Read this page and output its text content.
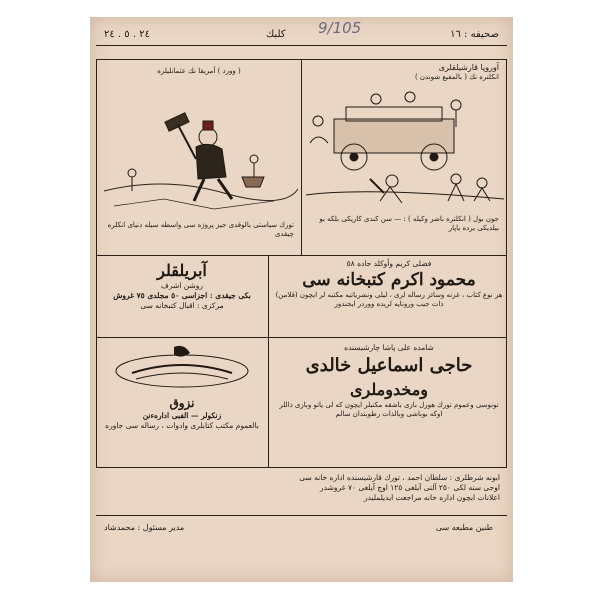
٢٤ . ٥ . ٢٤	كلبك	صحيفه : ١٦
9/105
آوروپا قارشيلقلرى
انكلتره نك ( بالمفيع شوندن )
( وورد ) آمريقا نك عثمانليلره
جون بول ( انكلتره ناشر وكيله ) : — سن كندى كاريکى بلکه بو بيلديکى يرده ياپار
تورك سياستى بالوقدى جيز پروژه سى واسطه سيله دنياى انكلره چيقدى
فضلى كريم وأوكلد جاده ٥٨
محمود اكرم كتبخانه سى
هر نوع كتاب ، غزته وسائر رساله لرى ، ليلى ونشرياتيه مكتبه لر ايچون (قلامن) ذات جيب ورونايه لريده ووردر ايجندور
آبريلقلر
روشن اشرف
بكى جيقدى : اجزاسى ٥٠ مجلدى ٧٥ غروش
مركزى : اقبال كتبخانه سى
شامده على پاشا چارشيسنده
حاجى اسماعيل خالدى
ومخدوملرى
تونوسى وعموم تورك هوزل بازى باشقه مكتبلر ايچون كه لى ياتو وبازى ذاللر اوكه بوباشى وبالذات رطوبتدان سالم
نزوق
زنكولر — الفبى ادارهءنن
بالعموم مكتب كتابلرى وادوات ، رساله سى جاوره
ابونه شرطلرى : سلطان احمد ، تورك قارشيسنده اداره خانه سى
اوجى سنه لكى ٢٥٠ آلتى آيلغى ١٢٥ اوچ آيلغى ٧٠ غروشدر
اعلانات ابچون اداره خانه مراجعت ايديلمليدر
مدير مسئول : محمدشاد	طنين مطبعه سى
